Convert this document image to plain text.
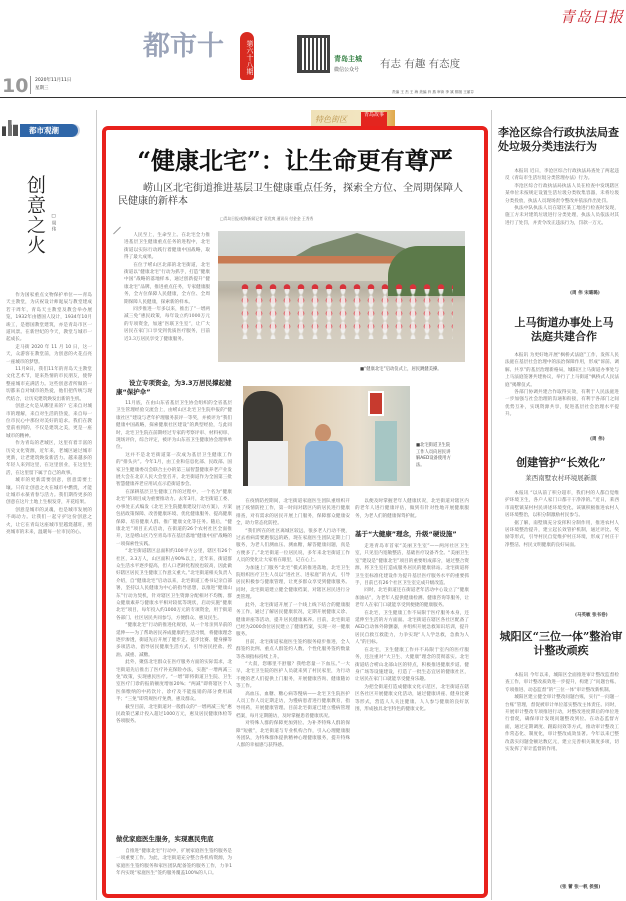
青岛日报
都市十	第六十八期	青岛主城
微信公众号 有志 有趣 有态度
10 2020年11月11日
星期三
责编 王 杰 王 海 美编 肖 燕 审读 李 斌 排版 王丽芬
都市观潮
创意之火 □ 周 伟

作为国家重点文物保护单位——青岛天主教堂，为庆祝设计师诞辰与教堂建成若干周年，青岛天主教堂及教会举办展览，1932年由德国人设计，1934年10月竣工，是德国教堂建筑，亦是青岛市区一道风景。在新世纪的今天，教堂与城市一起成长。

走马街 2020 年 11 月 10 日，这一天，众游客在教堂前，为创意的火花点亮一座城市的梦想。

11月8日，我们11年的青岛天主教堂文化艺术节，迎来热情的市民朋友，使得整座城市充满活力。这些创意者所做的一切都来自对城市的热爱，他们把传统与现代结合，让历史建筑焕发出新的生机。

创意之火是从哪里来的？它来自对城市的理解，来自对生活的热爱，来自每一位市民心中那份对美好的追求。我们在教堂前看到的，不仅是建筑之美，更是一座城市的精神。

作为青岛的老城区，这里有着丰富的历史文化资源，近年来，老城区通过城市更新，让老建筑焕发新活力。越来越多的年轻人来到这里，在这里创业，在这里生活，在这里留下属于自己的故事。

城市的更新需要创意，创意需要土壤。只有让创意之火在城市中燃烧，才能让城市永葆青春与活力。我们期待更多的创意在这片土地上生根发芽，开花结果。

创意是城市的灵魂，也是城市发展的不竭动力。让我们一起守护这份创意之火，让它在青岛这座城市里越烧越旺，照亮城市的未来，温暖每一位市民的心。

特色街区	青岛故事
“健康北宅”：让生命更有尊严
崂山区北宅街道推进基层卫生健康重点任务，探索全方位、全周期保障人民健康的新样本
□青岛日报/观海新闻记者 袁优爽 通讯员 付金金 王秀秀

人民至上，生命至上。在北宅全力推进基层卫生健康重点任务的进程中，北宅街道以实际行动践行着健康中国战略，取得了最大成果。

在位于崂山区北部的北宅街道，北宅街道以“健康北宅”行动为抓手，打造“健康中国”战略的落地样本，通过创新提升“健康北宅”品牌，推进重点任务，专家健康服务，全方位保障人民健康，全方位、全周期保障人民健康，探索新的样本。

同步推进一年多以来，推出了“一增两减三免”惠民政策，每年设立约1000万元的专项资金，加速“医联卫生室”，让广大居民在家门口享受到优质医疗服务，目前近3.3万居民享受了健康服务。

■“健康北宅”启动仪式上，居民跳健美操。
设立专项资金，为3.3万居民撑起健康“保护伞”
■北宅街道卫生院工作人员向居民讲解AED设备使用方法。

11月底，在由山东省基层卫生协会组织的全省基层卫生管理经验交流会上，由崂山区北宅卫生院申报的“健康社区”建设与老年护理服务获评一等奖，并被评为“我们健康中国战略，探索健康社区建设”的典型经验，与此同时，北宅卫生院在前期经过专家的考察评审、材料初审、现场评价，综合评定，被评为山东省卫生健康协会理事单位。

这并不是北宅街道第一次成为基层卫生健康工作的“排头兵”。今年1月，由工业和信息化部、民政部、国家卫生健康委员会联合主办的第三届智慧健康养老产业发展大会在北京人民大会堂召开，北宅街道作为全国第三批智慧健康养老应用试点示范街道参会。

在深耕基层卫生健康工作的过程中，一个名为“健康北宅”的项目成为重要推动力。去年3月，北宅街道工委、办事处正式编发《北宅卫生院健康建设行动方案》，方案包括政策保障、改善健康环境、优化健康服务、提高健康保障、培育健康人群、推广健康文化等任务。随后，“健康北宅”项目正式启动，在街道的26个农村社区全面推开，这是崂山区乃至青岛市在基层落地“健康中国”战略的一项探索性实践。

“北宅街道辖区总面积约100平方公里，辖区有26个社区，3.3万人，山区面积占90%以上，近年来，街道群众生活水平逐步提高，但人口老龄化程度也较高，因此做好辖区居民卫生健康工作意义重大。”北宅街道相关负责人介绍，自“健康北宅”启动以来，北宅街道工委书记亲自部署，坚持以人民健康为中心的指导思想，以推进“健康山东”行动为契机，针对辖区卫生资源分配相对不均衡、群众健康素养与健康水平相对较低等现状，启动实施“健康北宅”项目，每年投入约1000万元的专项资金，用于街道各部门、社区居民共同参与，方便群众、惠及民生。

“健康北宅”行动的推进化规划，从一个母亲到早前的延伸——为了帮助居民养成健康的生活习惯，将健康理念逐步渗透，街道先后开展了健步走、徒步比赛、健身操等多项活动，倡导居民健康生活方式，引导居民控盐、控油、减重、减糖。

此外，聚焦北宅群众在医疗服务方面的实际需求，北宅街道先后推出了医疗补充保险办法，实施“一增两减三免”政策，实现惠民医疗。“一增”即将街道卫生院、卫生室医疗门诊的报销额度增加20%；“两减”即将辖区个人医保缴纳的中药饮片、诊疗及不能报销的部分费用减半；“三免”即常规医疗免费，惠及群众。

截至目前，北宅街道对一般群众的“一增两减三免”惠民政策已累计投入超过1000万元，惠及居民健康体检等各项服务。

做优家庭医生服务，实现惠民兜底

自推进“健康北宅”行动中，扩展家庭医生签约服务是一项重要工作。为此，北宅街道充分整合各机构资源，为家庭医生签约服务和家医团队配备签约服务工作，力争1年内实现“家庭医生”签约服务覆盖100%的人口。

在疫情防控期间，北宅街道家庭医生团队重组织开展了疫情防控工作，第一时间对辖区内的居民进行健康排查，对有需求的居民开展上门服务，保障群众健康安全，助力常态化防控。

“我们所在的社区离城区较远，很多老人行动不便，过去看病需要跑很远的路，现在家庭医生团队定期上门服务，为老人们测血压、测血糖，解答健康问题，真是方便多了。”北宅街道一位居民说，多年来北宅街道工作人员的变化让大家看在眼里，记在心上。

为加速上门服务“北宅”模式的推进落地，北宅卫生院组织医疗卫生人员以“进社区、进家庭”的方式，引导居民积极参与健康管理，让更多群众享受到健康服务。同时，北宅街道建立健全健康档案，对辖区居民进行分类管理。

此外，北宅街道开展了一个线上线下结合的健康服务工作，通过了解居民健康状况，定期开展健康义诊、健康讲座等活动，提升居民健康素养。目前，北宅街道已经为2000余位居民建立了健康档案，实现一对一健康服务。

目前，北宅街道家庭医生签约服务稳步推进，全人群签约比例、重点人群签约人数、个性化服务签约数量等各项指标持续上升。

“大叔，您哪里不舒服？我给您量一下血压。”一大早，北宅卫生院的医护人员就来到了村民家里，为行动不便的老人们提供上门服务，开展健康咨询、健康随访等工作。

高血压、血糖、糖心病等慢病——北宅卫生院医护人员工作人员定期走访，为慢病患者进行健康教育，指导用药，开展健康管理。目前北宅街道已建立慢病管理档案，每月定期随访，及时掌握患者健康状况。

对特殊人群的保障更加到位。为补齐特殊人群的保障“短板”，北宅街道与专业机构合作，引入心理健康服务团队，为特殊群体提供精神心理健康服务，提升特殊人群的幸福感与获得感。

以便及时掌握老年人健康状况，北宅街道对辖区内的老年人进行健康评估，做到有针对性地开展健康服务，为老人们的健康保驾护航。

基于“大健康”理念，升级“硬设施”

走进青岛市首家“美丽卫生室”——两河社区卫生室，只见室内宽敞整洁，基础医疗设备齐全。“美丽卫生室”建设是“健康北宅”项目的重要组成部分，通过整合资源，将卫生室打造成服务居民的健康驿站。北宅街道将卫生室标准化建设作为提升基层医疗服务水平的重要抓手，目前已有26个社区卫生室完成升级改造。

同时，北宅街道还在街道老年活动中心设立了“健康加油站”，为老年人提供健康检测、健康咨询等服务，让老年人在家门口就能享受到便捷的健康服务。

在北宅，卫生健康工作不局限于医疗服务本身，还延伸至生活的方方面面。北宅街道在辖区各社区配备了AED自动体外除颤器，并组织开展急救知识培训，提升居民自救互救能力，力争实现“人人学急救，急救为人人”的目标。

在北宅，卫生健康工作并不局限于室内的医疗服务，还注重对“大卫生、大健康”理念的贯彻落实。北宅街道结合崂山北部山区的特点，积极推进健康步道、健身广场等设施建设，打造了一批生态宜居的健康社区，让居民在家门口就能享受健身乐趣。

为把全街道打造成健康文化示范区，北宅街道在辖区各社区开展健康文化活动，通过健康讲座、健身比赛等形式，营造人人关注健康、人人参与健康的良好氛围，形成独具北宅特色的健康文化。

李沧区综合行政执法局查处垃圾分类违法行为

本报讯 近日，李沧区综合行政执法局查处了两起违反《青岛市生活垃圾分类管理办法》行为。

李沧区综合行政执法局执法人员在检查中发现辖区某单位未按规定设置生活垃圾分类收集容器，未将垃圾分类投放，执法人员现场责令整改并依法作出处罚。

执法中队执法人员在辖区某工地进行检查时发现，施工方未对建筑垃圾进行分类处理，执法人员依法对其进行了处罚，并责令改正违法行为，罚款一万元。

(周 伟 宋璐璐)
上马街道办事处上马法庭共建合作

本报讯 为更好地开展“枫桥式法庭”工作，发挥人民法庭在基层社会治理中的法治保障作用，形成“诉前、调解、共享”的基层治理新格局，城阳区上马街道办事处与上马法庭签署共建协议，举行了上马街道“枫桥式人民法庭”揭牌仪式。

各部门协调共建合作取得实效，有利于人民法庭进一步加强与社会治理的沟通和衔接，有利于各部门之间优势互补，实现资源共享，促进基层社会治理水平提升。

(周 伟)
创建管护“长效化”
莱西南墅农村环境展新颜

本报讯 “以从前了积分超市，我们村的人都自觉维护环境卫生，各户人家门口都干干净净的。”近日，莱西市南墅镇某村村民讲述环境变化。该镇积极推进农村人居环境整治，以积分制激励村民参与。

据了解，南墅镇充分发挥积分制作用，推进农村人居环境整治提升，建立起长效管护机制，通过评比、奖励等形式，引导村民自觉维护村庄环境，形成了村庄干净整洁、村民文明健康的良好局面。

(马英敏 张书卷)
城阳区“三位一体”整治审计整改顽疾

本报讯 今年以来，城阳区全面推进审计整改监督检查工作，审计整改质效进一步提升，构建了“问题台账、专项推进、动态监督”的“三位一体”审计整改新机制。

城阳区建立健全审计整改问题台账，实行“一问题一台账”管理，督促被审计单位落实整改主体责任。同时，开展审计整改专项推进行动，对整改进度滞后的单位进行督促，确保审计发现问题整改到位。在动态监督方面，通过定期调度、跟踪问效等方式，推动审计整改工作常态化、制度化，审计整改成效显著。今年以来已整改落实问题金额达数亿元，建立完善相关制度多项，切实发挥了审计监督的作用。

(张 蕾 张一帆 侯强)
